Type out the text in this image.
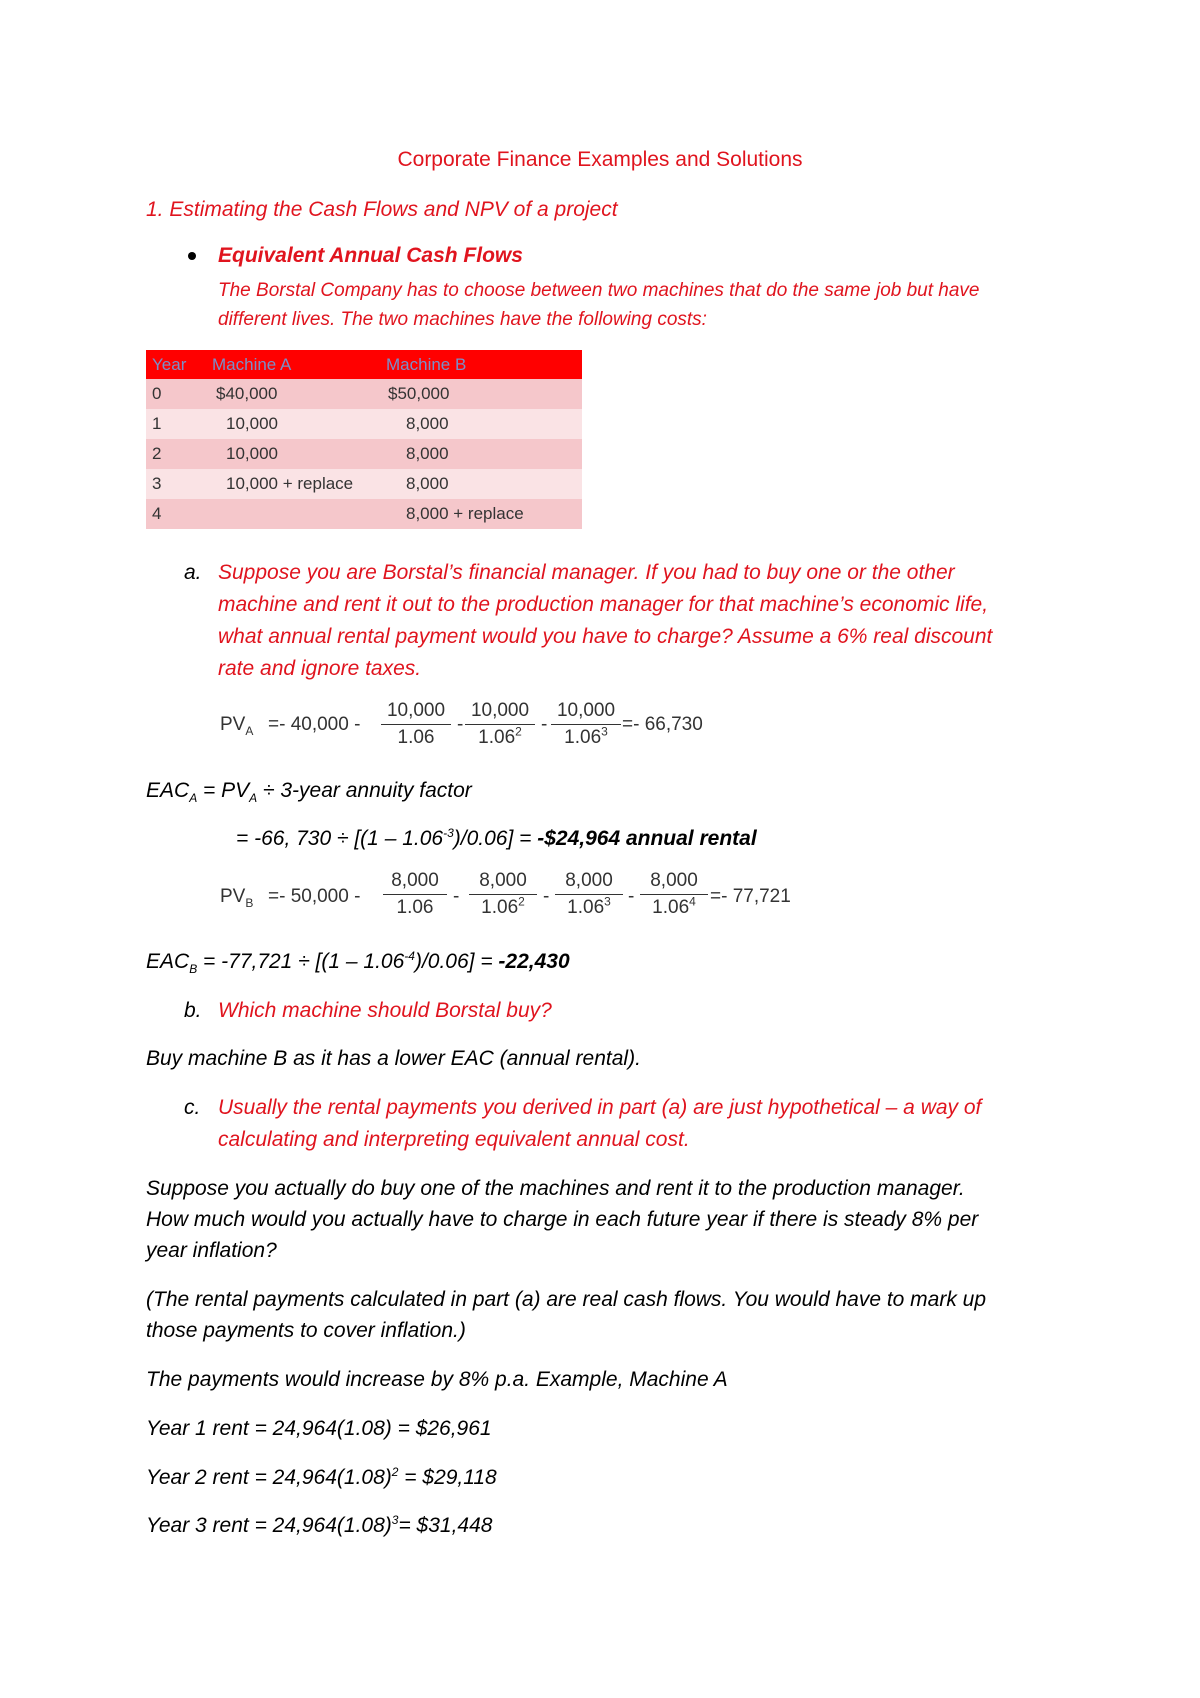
Corporate Finance Examples and Solutions
1. Estimating the Cash Flows and NPV of a project
Equivalent Annual Cash Flows
The Borstal Company has to choose between two machines that do the same job but have
different lives. The two machines have the following costs:
Year	Machine A	Machine B
0	$40,000	$50,000
1	10,000	8,000
2	10,000	8,000
3	10,000 + replace	8,000
4		8,000 + replace
a. Suppose you are Borstal’s financial manager. If you had to buy one or the other
machine and rent it out to the production manager for that machine’s economic life,
what annual rental payment would you have to charge? Assume a 6% real discount
rate and ignore taxes.
$PV_A =- 40,000 - \frac{10,000}{1.06} - \frac{10,000}{1.06^2} - \frac{10,000}{1.06^3} =- 66,730$
$EAC_A = PV_A$ ÷ 3-year annuity factor
= -66, $730 \div [(1 - 1.06^{-3})/0.06]$ = -$24,964 annual rental
$PV_B =- 50,000 - \frac{8,000}{1.06} - \frac{8,000}{1.06^2} - \frac{8,000}{1.06^3} - \frac{8,000}{1.06^4} =- 77,721$
$EAC_B = -77,721 \div [(1 - 1.06^{-4})/0.06] = -22,430$
b. Which machine should Borstal buy?
Buy machine B as it has a lower EAC (annual rental).
c. Usually the rental payments you derived in part (a) are just hypothetical – a way of
calculating and interpreting equivalent annual cost.
Suppose you actually do buy one of the machines and rent it to the production manager.
How much would you actually have to charge in each future year if there is steady 8% per
year inflation?
(The rental payments calculated in part (a) are real cash flows. You would have to mark up
those payments to cover inflation.)
The payments would increase by 8% p.a. Example, Machine A
Year 1 rent = 24,964(1.08) = $26,961
Year 2 rent = $24,964(1.08)^2$ = $29,118
Year 3 rent = $24,964(1.08)^3=$ $31,448
